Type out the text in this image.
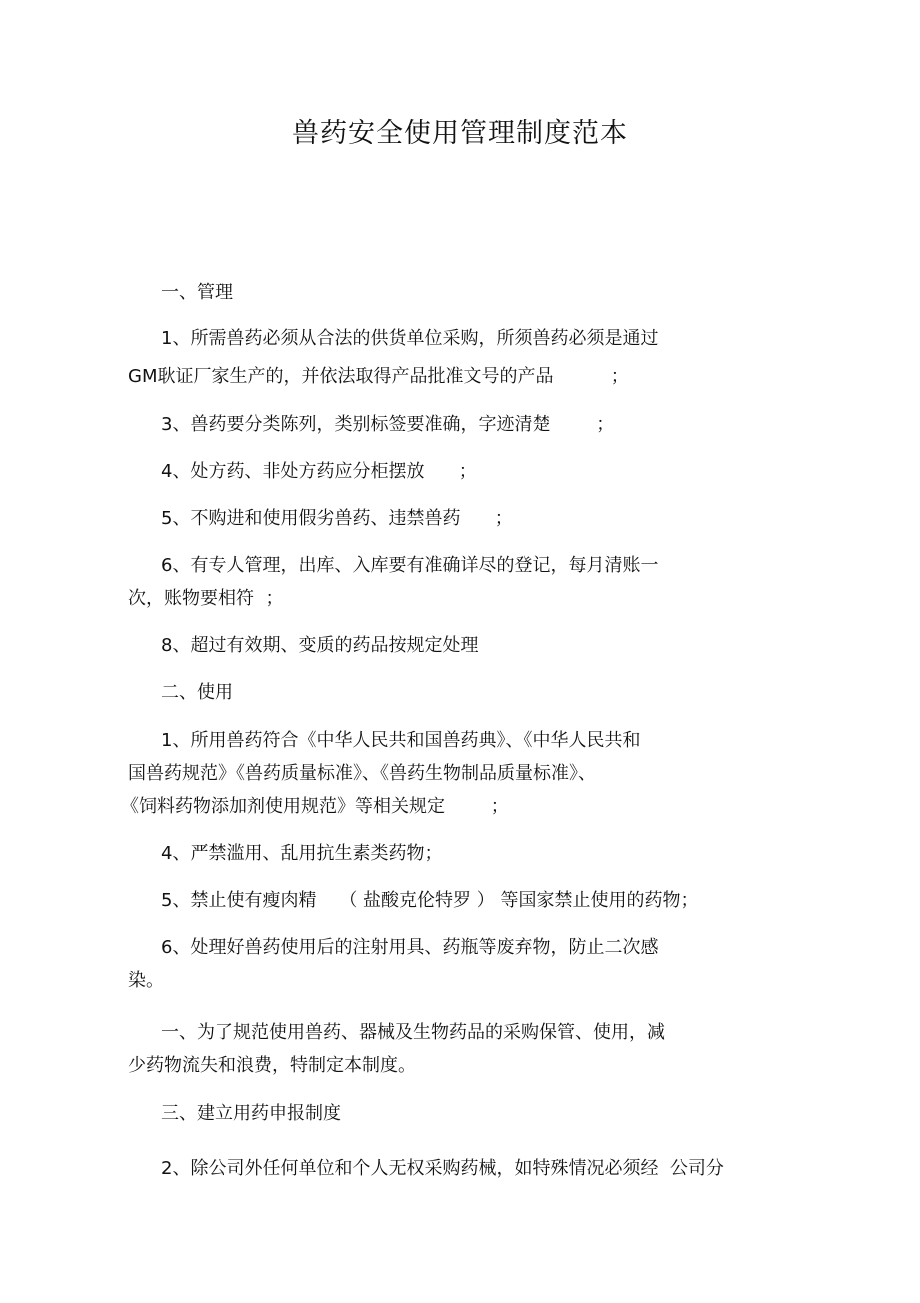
兽药安全使用管理制度范本
一、管理
1、所需兽药必须从合法的供货单位采购，所须兽药必须是通过
GM耿证厂家生产的，并依法取得产品批准文号的产品          ；
3、兽药要分类陈列，类别标签要准确，字迹清楚        ；
4、处方药、非处方药应分柜摆放      ；
5、不购进和使用假劣兽药、违禁兽药      ；
6、有专人管理，出库、入库要有准确详尽的登记，每月清账一
次，账物要相符  ；
8、超过有效期、变质的药品按规定处理
二、使用
1、所用兽药符合《中华人民共和国兽药典》、《中华人民共和
国兽药规范》《兽药质量标准》、《兽药生物制品质量标准》、
《饲料药物添加剂使用规范》等相关规定        ；
4、严禁滥用、乱用抗生素类药物；
5、禁止使有瘦肉精    （ 盐酸克伦特罗 ） 等国家禁止使用的药物；
6、处理好兽药使用后的注射用具、药瓶等废弃物，防止二次感
染。
一、为了规范使用兽药、器械及生物药品的采购保管、使用，减
少药物流失和浪费，特制定本制度。
三、建立用药申报制度
2、除公司外任何单位和个人无权采购药械，如特殊情况必须经  公司分
